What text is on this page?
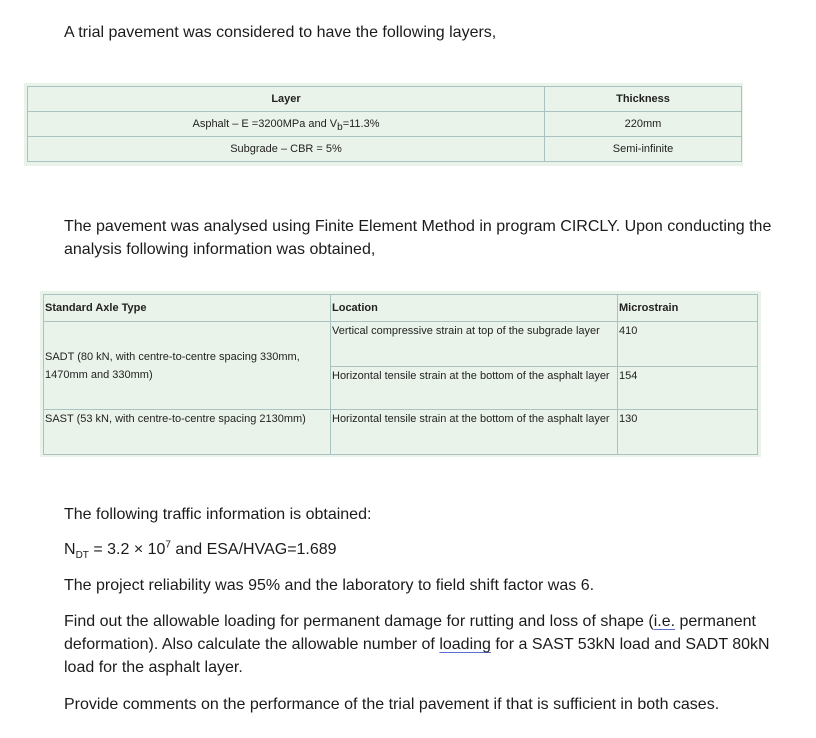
A trial pavement was considered to have the following layers,

Layer	Thickness
Asphalt – E =3200MPa and $V_b=11.3\%$	220mm
Subgrade – CBR = 5%	Semi-infinite

The pavement was analysed using Finite Element Method in program CIRCLY. Upon conducting the analysis following information was obtained,

Standard Axle Type	Location	Microstrain
SADT (80 kN, with centre-to-centre spacing 330mm, 1470mm and 330mm)	Vertical compressive strain at top of the subgrade layer	410
	Horizontal tensile strain at the bottom of the asphalt layer	154
SAST (53 kN, with centre-to-centre spacing 2130mm)	Horizontal tensile strain at the bottom of the asphalt layer	130

The following traffic information is obtained:

$N_{DT} = 3.2 \times 10^7$ and ESA/HVAG=1.689

The project reliability was 95% and the laboratory to field shift factor was 6.

Find out the allowable loading for permanent damage for rutting and loss of shape (i.e. permanent deformation). Also calculate the allowable number of loading for a SAST 53kN load and SADT 80kN load for the asphalt layer.

Provide comments on the performance of the trial pavement if that is sufficient in both cases.
